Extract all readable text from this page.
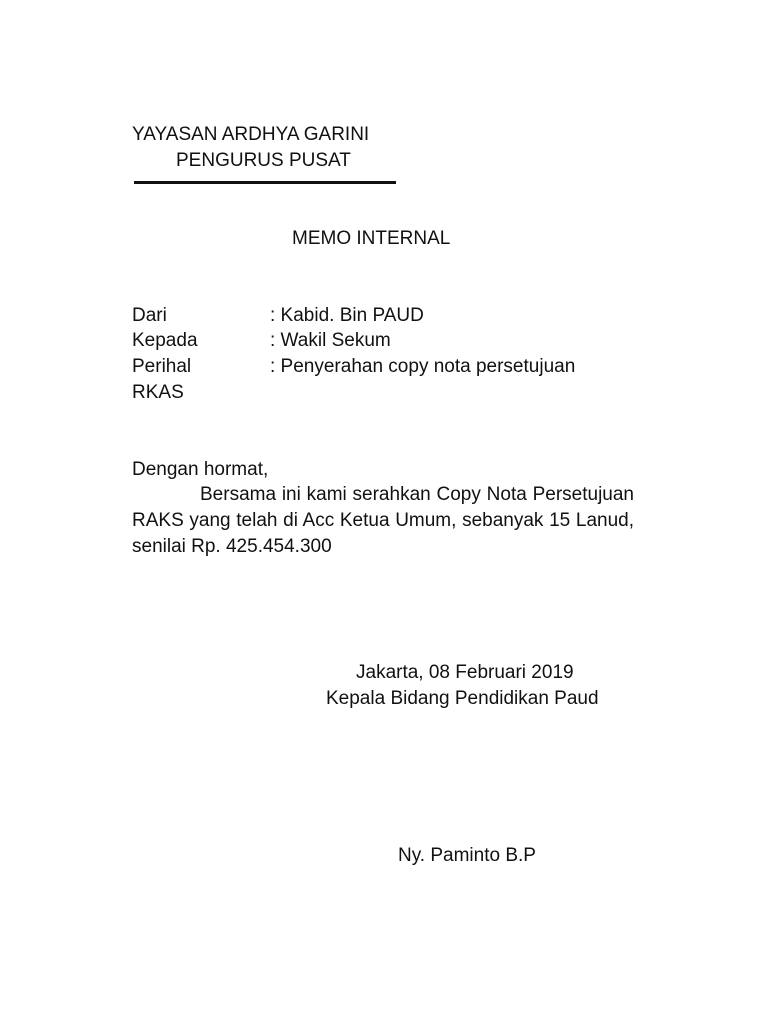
YAYASAN ARDHYA GARINI
PENGURUS PUSAT
MEMO INTERNAL
Dari	: Kabid. Bin PAUD
Kepada	: Wakil Sekum
Perihal	: Penyerahan copy nota persetujuan
RKAS
Dengan hormat,
Bersama ini kami serahkan Copy Nota Persetujuan RAKS yang telah di Acc Ketua Umum, sebanyak 15 Lanud, senilai Rp. 425.454.300
Jakarta, 08 Februari 2019
Kepala Bidang Pendidikan Paud
Ny. Paminto B.P
